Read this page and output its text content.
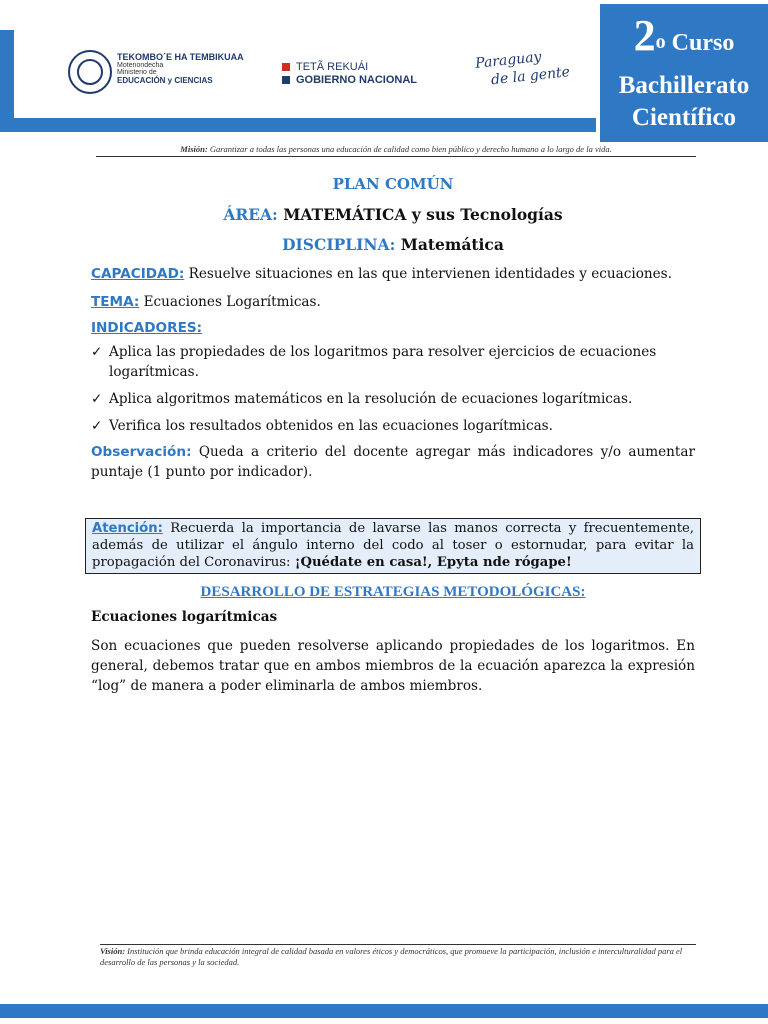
TEKOMBO´E HA TEMBIKUAA
Motenondecha
Ministerio de
EDUCACIÓN y CIENCIAS
TETÃ REKUÁI
GOBIERNO NACIONAL
Paraguay
de la gente
2o Curso
Bachillerato
Científico
Misión: Garantizar a todas las personas una educación de calidad como bien público y derecho humano a lo largo de la vida.
PLAN COMÚN
ÁREA: MATEMÁTICA y sus Tecnologías
DISCIPLINA: Matemática

CAPACIDAD: Resuelve situaciones en las que intervienen identidades y ecuaciones.

TEMA: Ecuaciones Logarítmicas.

INDICADORES:

✓ Aplica las propiedades de los logaritmos para resolver ejercicios de ecuaciones logarítmicas.
✓ Aplica algoritmos matemáticos en la resolución de ecuaciones logarítmicas.
✓ Verifica los resultados obtenidos en las ecuaciones logarítmicas.

Observación: Queda a criterio del docente agregar más indicadores y/o aumentar puntaje (1 punto por indicador).

Atención: Recuerda la importancia de lavarse las manos correcta y frecuentemente, además de utilizar el ángulo interno del codo al toser o estornudar, para evitar la propagación del Coronavirus: ¡Quédate en casa!, Epyta nde rógape!
DESARROLLO DE ESTRATEGIAS METODOLÓGICAS:
Ecuaciones logarítmicas
Son ecuaciones que pueden resolverse aplicando propiedades de los logaritmos. En general, debemos tratar que en ambos miembros de la ecuación aparezca la expresión “log” de manera a poder eliminarla de ambos miembros.
Visión: Institución que brinda educación integral de calidad basada en valores éticos y democráticos, que promueve la participación, inclusión e interculturalidad para el desarrollo de las personas y la sociedad.
